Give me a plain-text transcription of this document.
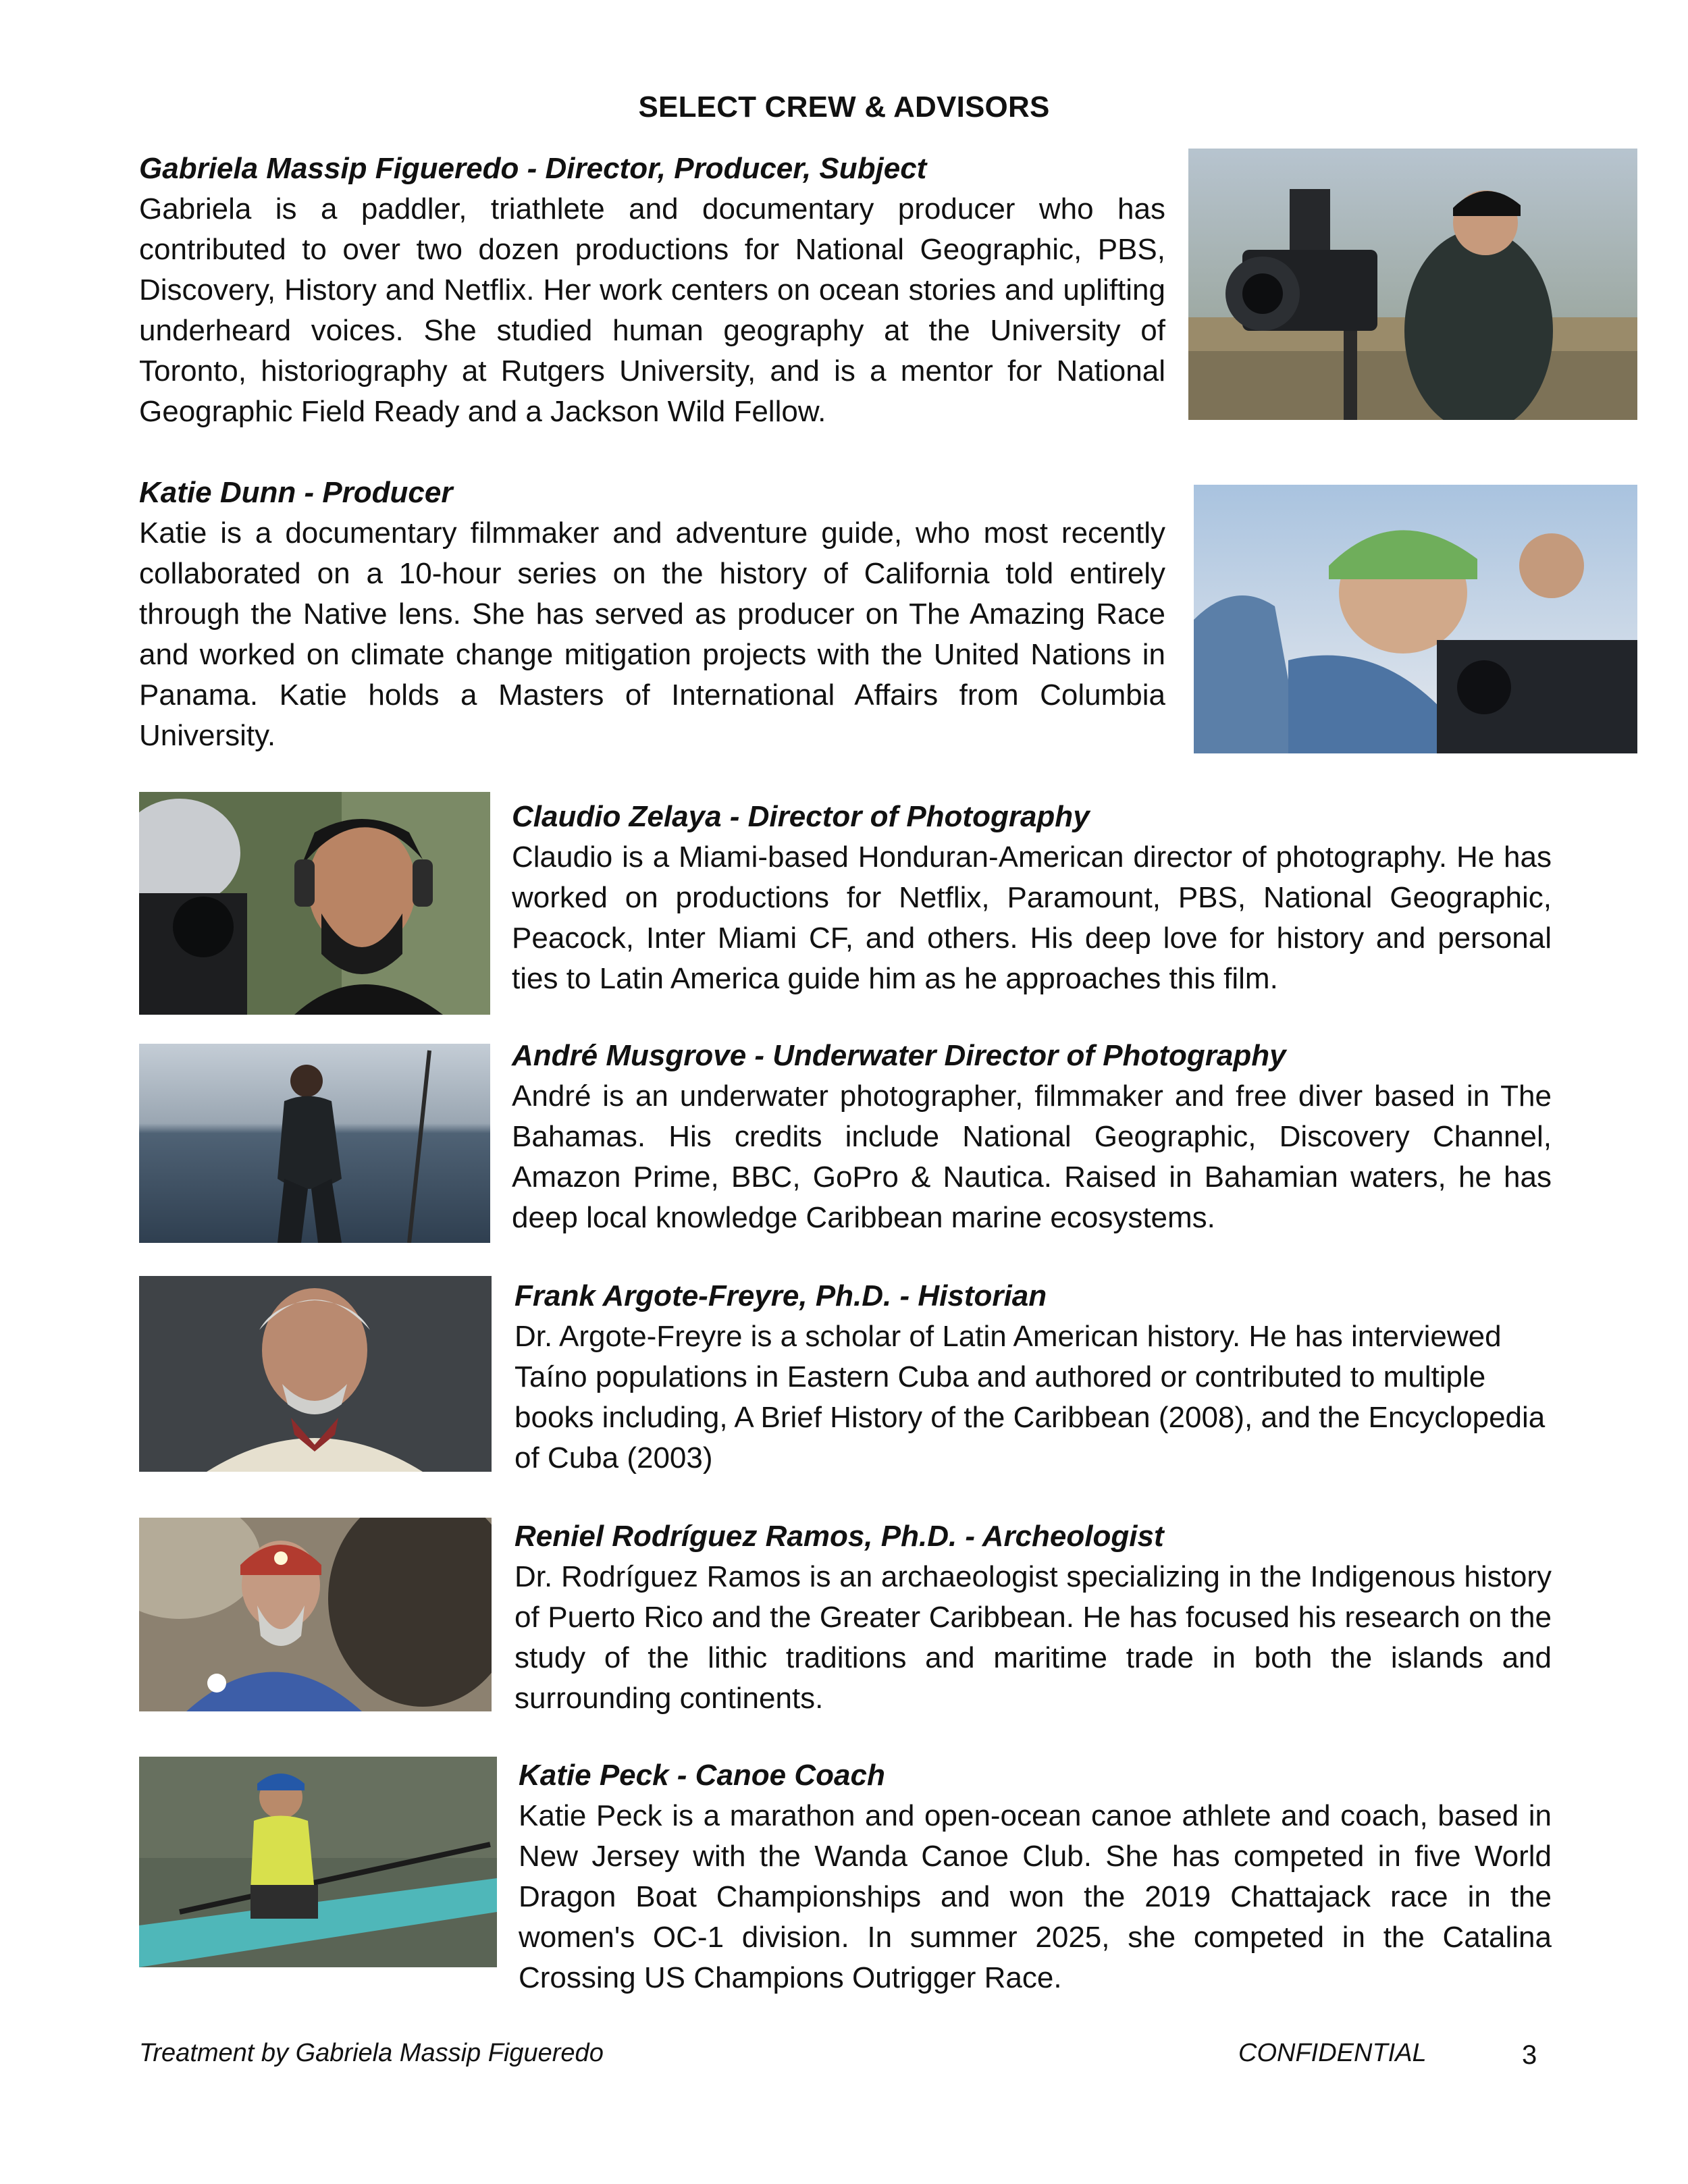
SELECT CREW & ADVISORS

Gabriela Massip Figueredo - Director, Producer, Subject

Gabriela is a paddler, triathlete and documentary producer who has contributed to over two dozen productions for National Geographic, PBS, Discovery, History and Netflix. Her work centers on ocean stories and uplifting underheard voices. She studied human geography at the University of Toronto, historiography at Rutgers University, and is a mentor for National Geographic Field Ready and a Jackson Wild Fellow.

Katie Dunn - Producer

Katie is a documentary filmmaker and adventure guide, who most recently collaborated on a 10-hour series on the history of California told entirely through the Native lens. She has served as producer on The Amazing Race and worked on climate change mitigation projects with the United Nations in Panama. Katie holds a Masters of International Affairs from Columbia University.

Claudio Zelaya - Director of Photography

Claudio is a Miami-based Honduran-American director of photography. He has worked on productions for Netflix, Paramount, PBS, National Geographic, Peacock, Inter Miami CF, and others. His deep love for history and personal ties to Latin America guide him as he approaches this film.

André Musgrove - Underwater Director of Photography

André is an underwater photographer, filmmaker and free diver based in The Bahamas. His credits include National Geographic, Discovery Channel, Amazon Prime, BBC, GoPro & Nautica. Raised in Bahamian waters, he has deep local knowledge Caribbean marine ecosystems.

Frank Argote-Freyre, Ph.D. - Historian

Dr. Argote-Freyre is a scholar of Latin American history. He has interviewed Taíno populations in Eastern Cuba and authored or contributed to multiple books including, A Brief History of the Caribbean (2008), and the Encyclopedia of Cuba (2003)

Reniel Rodríguez Ramos, Ph.D. - Archeologist

Dr. Rodríguez Ramos is an archaeologist specializing in the Indigenous history of Puerto Rico and the Greater Caribbean. He has focused his research on the study of the lithic traditions and maritime trade in both the islands and surrounding continents.

Katie Peck - Canoe Coach

Katie Peck is a marathon and open-ocean canoe athlete and coach, based in New Jersey with the Wanda Canoe Club. She has competed in five World Dragon Boat Championships and won the 2019 Chattajack race in the women's OC-1 division. In summer 2025, she competed in the Catalina Crossing US Champions Outrigger Race.

Treatment by Gabriela Massip Figueredo	CONFIDENTIAL	3
